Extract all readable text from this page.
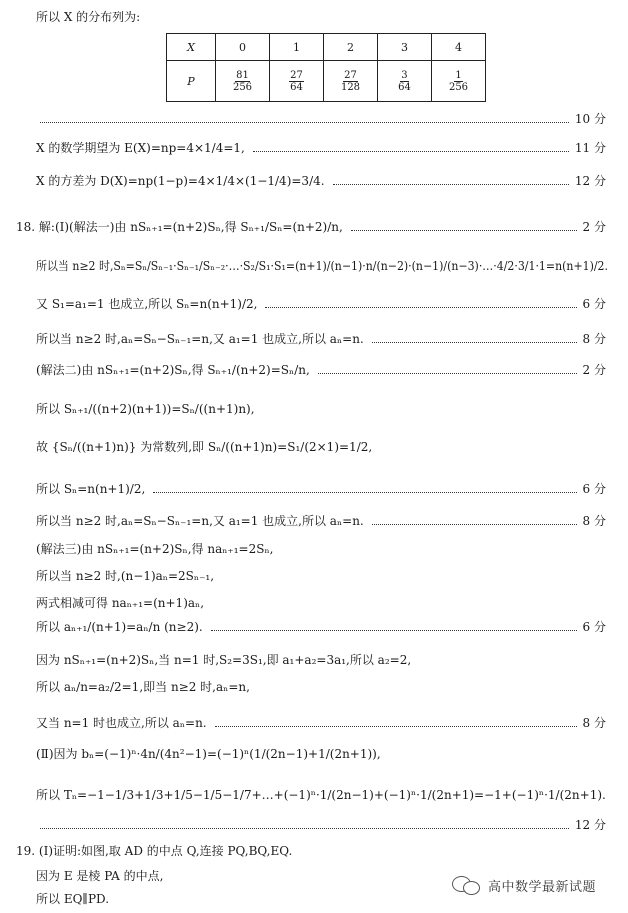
所以 X 的分布列为:
X	0	1	2	3	4
P	$\frac{81}{256}$	$\frac{27}{64}$	$\frac{27}{128}$	$\frac{3}{64}$	$\frac{1}{256}$
10 分
X 的数学期望为 E(X)=np=4×1/4=1,	11 分
X 的方差为 D(X)=np(1−p)=4×1/4×(1−1/4)=3/4.	12 分
18. 解:(Ⅰ)(解法一)由 nSₙ₊₁=(n+2)Sₙ,得 Sₙ₊₁/Sₙ=(n+2)/n,	2 分
所以当 n≥2 时,Sₙ=Sₙ/Sₙ₋₁·Sₙ₋₁/Sₙ₋₂·…·S₂/S₁·S₁=(n+1)/(n−1)·n/(n−2)·(n−1)/(n−3)·…·4/2·3/1·1=n(n+1)/2.
又 S₁=a₁=1 也成立,所以 Sₙ=n(n+1)/2,	6 分
所以当 n≥2 时,aₙ=Sₙ−Sₙ₋₁=n,又 a₁=1 也成立,所以 aₙ=n.	8 分
(解法二)由 nSₙ₊₁=(n+2)Sₙ,得 Sₙ₊₁/(n+2)=Sₙ/n,	2 分
所以 Sₙ₊₁/((n+2)(n+1))=Sₙ/((n+1)n),
故 {Sₙ/((n+1)n)} 为常数列,即 Sₙ/((n+1)n)=S₁/(2×1)=1/2,
所以 Sₙ=n(n+1)/2,	6 分
所以当 n≥2 时,aₙ=Sₙ−Sₙ₋₁=n,又 a₁=1 也成立,所以 aₙ=n.	8 分
(解法三)由 nSₙ₊₁=(n+2)Sₙ,得 naₙ₊₁=2Sₙ,
所以当 n≥2 时,(n−1)aₙ=2Sₙ₋₁,
两式相减可得 naₙ₊₁=(n+1)aₙ,
所以 aₙ₊₁/(n+1)=aₙ/n (n≥2).	6 分
因为 nSₙ₊₁=(n+2)Sₙ,当 n=1 时,S₂=3S₁,即 a₁+a₂=3a₁,所以 a₂=2,
所以 aₙ/n=a₂/2=1,即当 n≥2 时,aₙ=n,
又当 n=1 时也成立,所以 aₙ=n.	8 分
(Ⅱ)因为 bₙ=(−1)ⁿ·4n/(4n²−1)=(−1)ⁿ(1/(2n−1)+1/(2n+1)),
所以 Tₙ=−1−1/3+1/3+1/5−1/5−1/7+…+(−1)ⁿ·1/(2n−1)+(−1)ⁿ·1/(2n+1)=−1+(−1)ⁿ·1/(2n+1).
12 分
19. (Ⅰ)证明:如图,取 AD 的中点 Q,连接 PQ,BQ,EQ.
因为 E 是棱 PA 的中点,
所以 EQ∥PD.
高中数学最新试题
